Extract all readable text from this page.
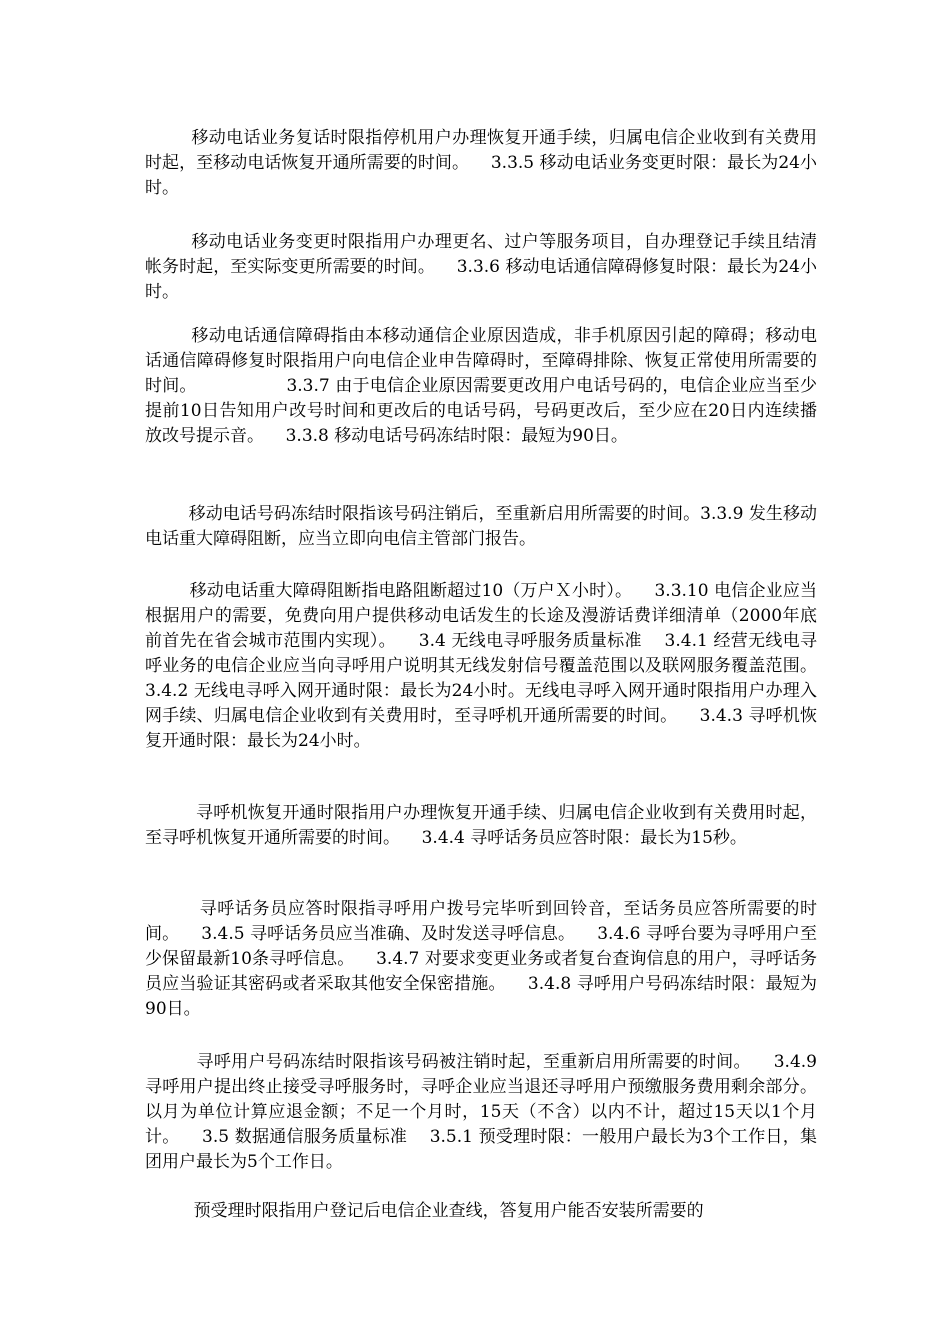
移动电话业务复话时限指停机用户办理恢复开通手续，归属电信企业收到有关费用时起，至移动电话恢复开通所需要的时间。    3.3.5 移动电话业务变更时限：最长为24小时。

移动电话业务变更时限指用户办理更名、过户等服务项目，自办理登记手续且结清帐务时起，至实际变更所需要的时间。    3.3.6 移动电话通信障碍修复时限：最长为24小时。

移动电话通信障碍指由本移动通信企业原因造成，非手机原因引起的障碍；移动电话通信障碍修复时限指用户向电信企业申告障碍时，至障碍排除、恢复正常使用所需要的时间。                3.3.7 由于电信企业原因需要更改用户电话号码的，电信企业应当至少提前10日告知用户改号时间和更改后的电话号码，号码更改后，至少应在20日内连续播放改号提示音。    3.3.8 移动电话号码冻结时限：最短为90日。

移动电话号码冻结时限指该号码注销后，至重新启用所需要的时间。3.3.9 发生移动电话重大障碍阻断，应当立即向电信主管部门报告。

移动电话重大障碍阻断指电路阻断超过10（万户Ｘ小时）。    3.3.10 电信企业应当根据用户的需要，免费向用户提供移动电话发生的长途及漫游话费详细清单（2000年底前首先在省会城市范围内实现）。    3.4 无线电寻呼服务质量标准    3.4.1 经营无线电寻呼业务的电信企业应当向寻呼用户说明其无线发射信号覆盖范围以及联网服务覆盖范围。    3.4.2 无线电寻呼入网开通时限：最长为24小时。无线电寻呼入网开通时限指用户办理入网手续、归属电信企业收到有关费用时，至寻呼机开通所需要的时间。    3.4.3 寻呼机恢复开通时限：最长为24小时。

寻呼机恢复开通时限指用户办理恢复开通手续、归属电信企业收到有关费用时起，至寻呼机恢复开通所需要的时间。    3.4.4 寻呼话务员应答时限：最长为15秒。

寻呼话务员应答时限指寻呼用户拨号完毕听到回铃音，至话务员应答所需要的时间。    3.4.5 寻呼话务员应当准确、及时发送寻呼信息。    3.4.6 寻呼台要为寻呼用户至少保留最新10条寻呼信息。    3.4.7 对要求变更业务或者复台查询信息的用户，寻呼话务员应当验证其密码或者采取其他安全保密措施。    3.4.8 寻呼用户号码冻结时限：最短为90日。

寻呼用户号码冻结时限指该号码被注销时起，至重新启用所需要的时间。    3.4.9寻呼用户提出终止接受寻呼服务时，寻呼企业应当退还寻呼用户预缴服务费用剩余部分。 以月为单位计算应退金额；不足一个月时，15天（不含）以内不计，超过15天以1个月计。    3.5 数据通信服务质量标准    3.5.1 预受理时限：一般用户最长为3个工作日，集团用户最长为5个工作日。

预受理时限指用户登记后电信企业查线，答复用户能否安装所需要的
